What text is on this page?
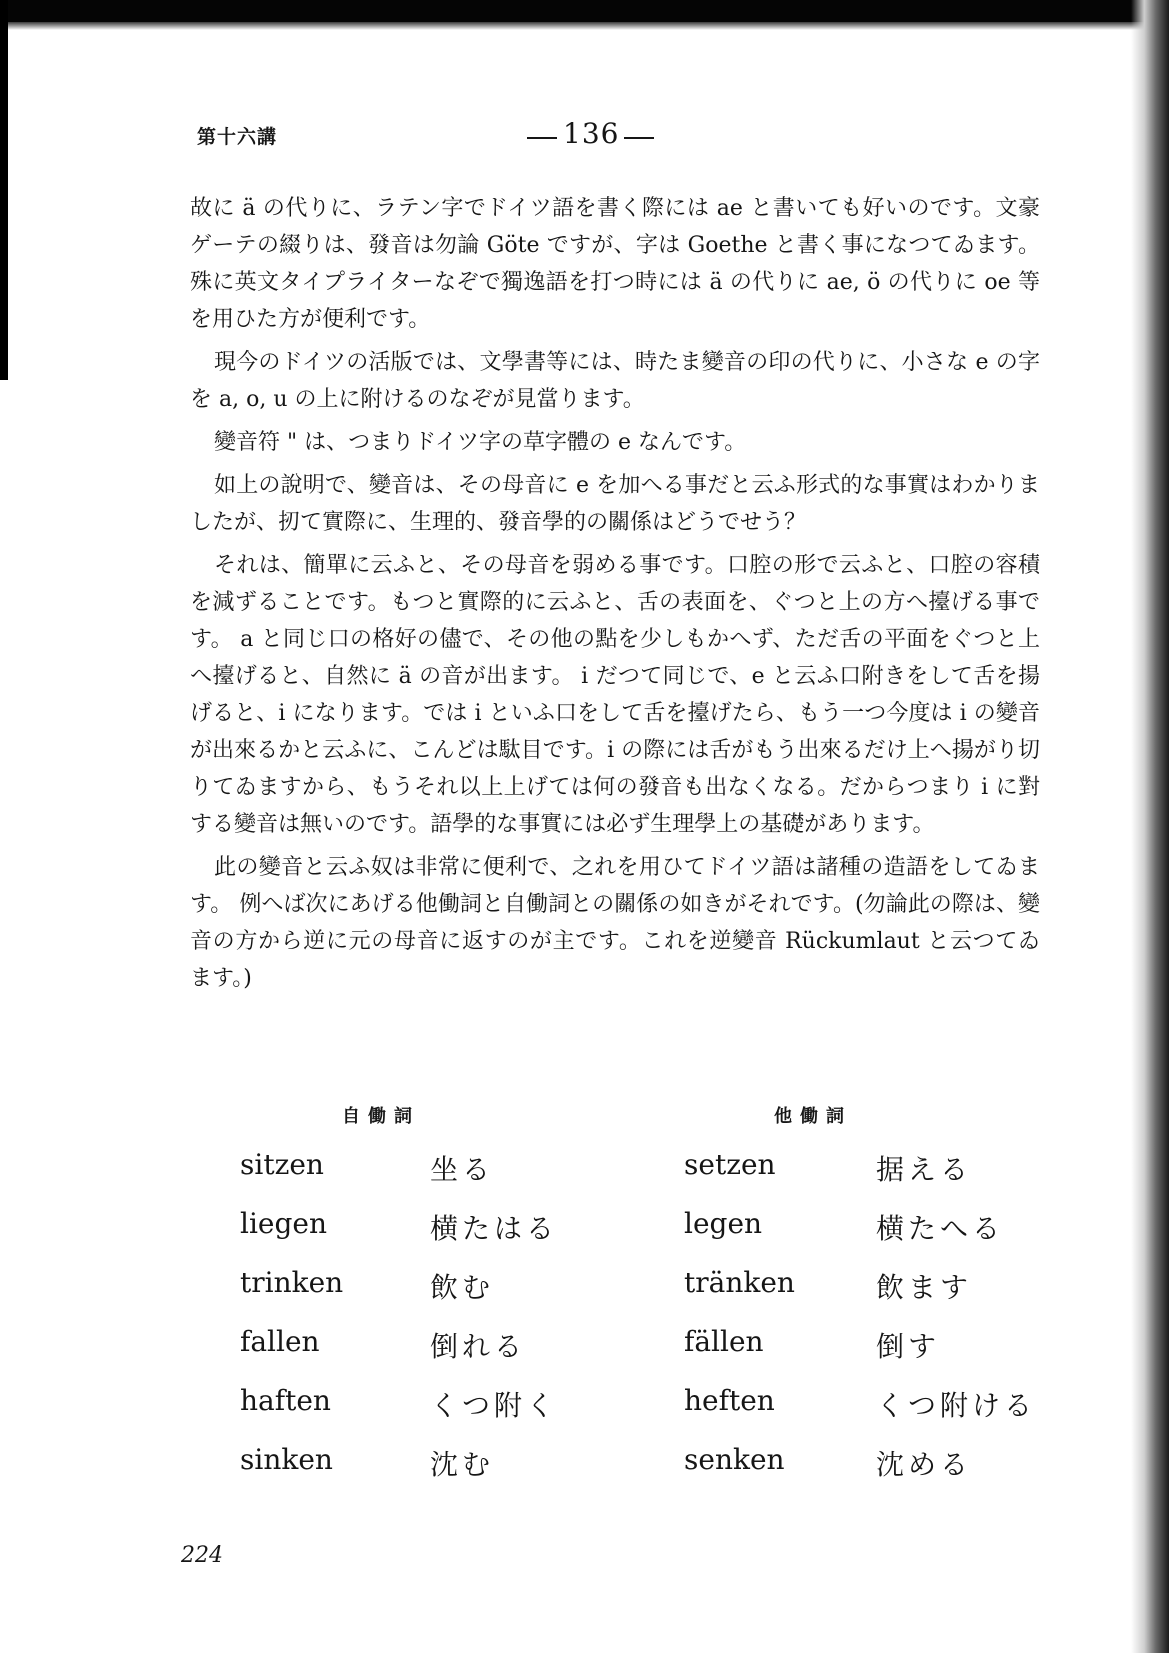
第十六講	136

故に ä の代りに、ラテン字でドイツ語を書く際には ae と書いても好いのです。文豪ゲーテの綴りは、發音は勿論 Göte ですが、字は Goethe と書く事になつてゐます。殊に英文タイプライターなぞで獨逸語を打つ時には ä の代りに ae, ö の代りに oe 等を用ひた方が便利です。

現今のドイツの活版では、文學書等には、時たま變音の印の代りに、小さな e の字を a, o, u の上に附けるのなぞが見當ります。

變音符 " は、つまりドイツ字の草字體の e なんです。

如上の說明で、變音は、その母音に e を加へる事だと云ふ形式的な事實はわかりましたが、扨て實際に、生理的、發音學的の關係はどうでせう？

それは、簡單に云ふと、その母音を弱める事です。口腔の形で云ふと、口腔の容積を減ずることです。もつと實際的に云ふと、舌の表面を、ぐつと上の方へ擡げる事です。 a と同じ口の格好の儘で、その他の點を少しもかへず、ただ舌の平面をぐつと上へ擡げると、自然に ä の音が出ます。 i だつて同じで、e と云ふ口附きをして舌を揚げると、i になります。では i といふ口をして舌を擡げたら、もう一つ今度は i の變音が出來るかと云ふに、こんどは駄目です。i の際には舌がもう出來るだけ上へ揚がり切りてゐますから、もうそれ以上上げては何の發音も出なくなる。だからつまり i に對する變音は無いのです。語學的な事實には必ず生理學上の基礎があります。

此の變音と云ふ奴は非常に便利で、之れを用ひてドイツ語は諸種の造語をしてゐます。 例へば次にあげる他働詞と自働詞との關係の如きがそれです。(勿論此の際は、變音の方から逆に元の母音に返すのが主です。これを逆變音 Rückumlaut と云つてゐます。)

自働詞	他働詞
sitzen	坐る	setzen	据える
liegen	横たはる	legen	横たへる
trinken	飲む	tränken	飲ます
fallen	倒れる	fällen	倒す
haften	くつ附く	heften	くつ附ける
sinken	沈む	senken	沈める
224
